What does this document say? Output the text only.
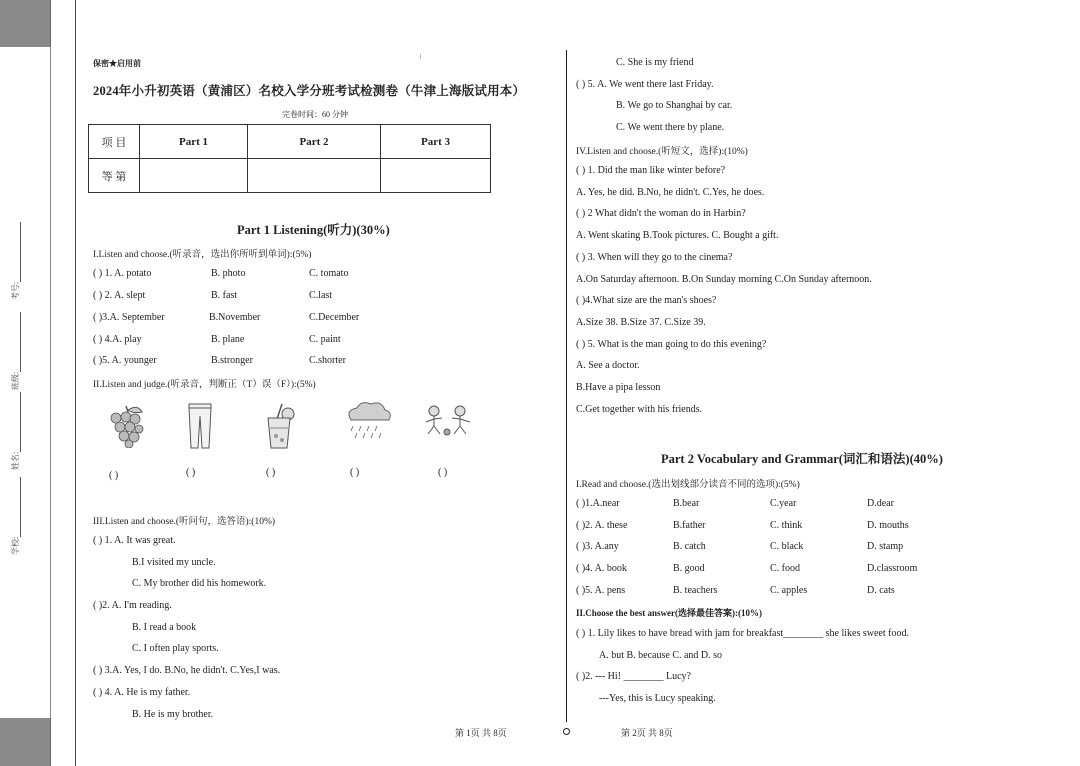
学校:
姓名:
班级:
考号:
保密★启用前
2024年小升初英语（黄浦区）名校入学分班考试检测卷（牛津上海版试用本）
完卷时间：60 分钟
项 目	Part 1	Part 2	Part 3
等 第			
Part 1 Listening(听力)(30%)
I.Listen and choose.(听录音，选出你所听到单词):(5%)
( ) 1. A. potato	B. photo	C. tomato
( ) 2. A. slept	B. fast	C.last
( )3.A. September	B.November	C.December
( ) 4.A. play	B. plane	C. paint
( )5. A. younger	B.stronger	C.shorter
II.Listen and judge.(听录音，判断正（T）误（F）):(5%)
( )	( )	( )	( )	( )
III.Listen and choose.(听问句，选答语):(10%)
( ) 1. A. It was great.
B.I visited my uncle.
C. My brother did his homework.
( )2. A. I'm reading.
B. I read a book
C. I often play sports.
( ) 3.A. Yes, I do. B.No, he didn't. C.Yes,I was.
( ) 4. A. He is my father.
B. He is my brother.
C. She is my friend
( ) 5. A. We went there last Friday.
B. We go to Shanghai by car.
C. We went there by plane.
IV.Listen and choose.(听短文，选择):(10%)
( ) 1. Did the man like winter before?
A. Yes, he did. B.No, he didn't. C.Yes, he does.
( ) 2 What didn't the woman do in Harbin?
A. Went skating B.Took pictures. C. Bought a gift.
( ) 3. When will they go to the cinema?
A.On Saturday afternoon. B.On Sunday morning C.On Sunday afternoon.
( )4.What size are the man's shoes?
A.Size 38. B.Size 37. C.Size 39.
( ) 5. What is the man going to do this evening?
A. See a doctor.
B.Have a pipa lesson
C.Get together with his friends.
Part 2 Vocabulary and Grammar(词汇和语法)(40%)
I.Read and choose.(选出划线部分读音不同的选项):(5%)
( )1.A.near	B.bear	C.year	D.dear
( )2. A. these	B.father	C. think	D. mouths
( )3. A.any	B. catch	C. black	D. stamp
( )4. A. book	B. good	C. food	D.classroom
( )5. A. pens	B. teachers	C. apples	D. cats
II.Choose the best answer(选择最佳答案):(10%)
( ) 1. Lily likes to have bread with jam for breakfast________ she likes sweet food.
A. but B. because C. and D. so
( )2. --- Hi! ________ Lucy?
---Yes, this is Lucy speaking.
第 1页 共 8页	第 2页 共 8页
